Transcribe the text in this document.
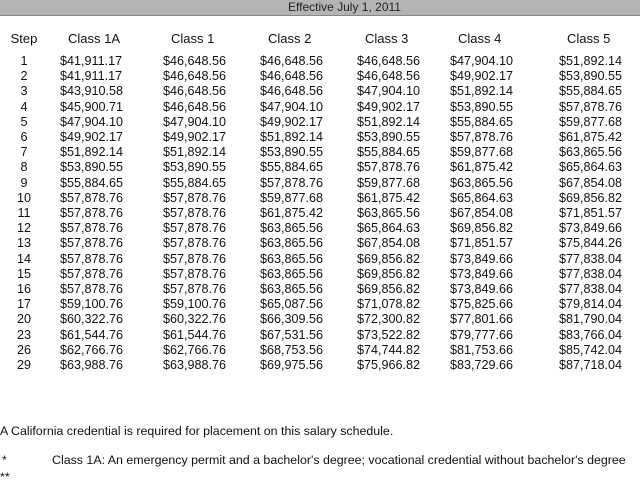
Effective July 1, 2011
Step	Class 1A	Class 1	Class 2	Class 3	Class 4	Class 5
1	$41,911.17	$46,648.56	$46,648.56	$46,648.56	$47,904.10	$51,892.14
2	$41,911.17	$46,648.56	$46,648.56	$46,648.56	$49,902.17	$53,890.55
3	$43,910.58	$46,648.56	$46,648.56	$47,904.10	$51,892.14	$55,884.65
4	$45,900.71	$46,648.56	$47,904.10	$49,902.17	$53,890.55	$57,878.76
5	$47,904.10	$47,904.10	$49,902.17	$51,892.14	$55,884.65	$59,877.68
6	$49,902.17	$49,902.17	$51,892.14	$53,890.55	$57,878.76	$61,875.42
7	$51,892.14	$51,892.14	$53,890.55	$55,884.65	$59,877.68	$63,865.56
8	$53,890.55	$53,890.55	$55,884.65	$57,878.76	$61,875.42	$65,864.63
9	$55,884.65	$55,884.65	$57,878.76	$59,877.68	$63,865.56	$67,854.08
10	$57,878.76	$57,878.76	$59,877.68	$61,875.42	$65,864.63	$69,856.82
11	$57,878.76	$57,878.76	$61,875.42	$63,865.56	$67,854.08	$71,851.57
12	$57,878.76	$57,878.76	$63,865.56	$65,864.63	$69,856.82	$73,849.66
13	$57,878.76	$57,878.76	$63,865.56	$67,854.08	$71,851.57	$75,844.26
14	$57,878.76	$57,878.76	$63,865.56	$69,856.82	$73,849.66	$77,838.04
15	$57,878.76	$57,878.76	$63,865.56	$69,856.82	$73,849.66	$77,838.04
16	$57,878.76	$57,878.76	$63,865.56	$69,856.82	$73,849.66	$77,838.04
17	$59,100.76	$59,100.76	$65,087.56	$71,078.82	$75,825.66	$79,814.04
20	$60,322.76	$60,322.76	$66,309.56	$72,300.82	$77,801.66	$81,790.04
23	$61,544.76	$61,544.76	$67,531.56	$73,522.82	$79,777.66	$83,766.04
26	$62,766.76	$62,766.76	$68,753.56	$74,744.82	$81,753.66	$85,742.04
29	$63,988.76	$63,988.76	$69,975.56	$75,966.82	$83,729.66	$87,718.04
A California credential is required for placement on this salary schedule.
*	Class 1A: An emergency permit and a bachelor's degree; vocational credential without bachelor's degree
**
